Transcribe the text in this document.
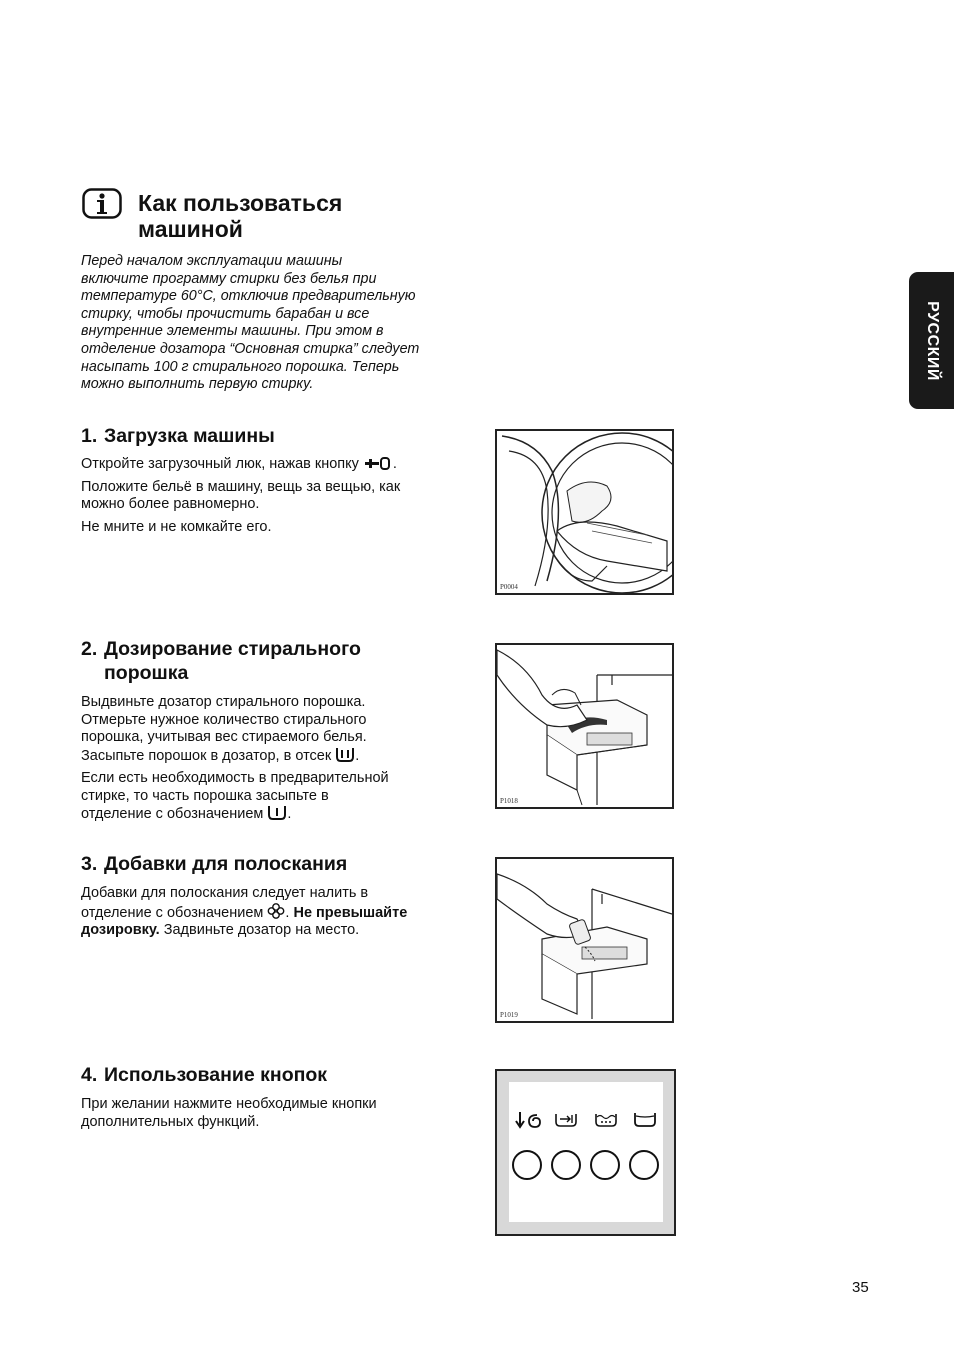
Как пользоваться
машиной
РУССКИЙ
Перед началом эксплуатации машины
включите программу стирки без белья при
температуре 60°С, отключив предварительную
стирку, чтобы прочистить барабан и все
внутренние элементы машины. При этом в
отделение дозатора “Основная стирка” следует
насыпать 100 г стирального порошка. Теперь
можно выполнить первую стирку.
1. Загрузка машины

Откройте загрузочный люк, нажав кнопку .

Положите бельё в машину, вещь за вещью, как
можно более равномерно.

Не мните и не комкайте его.

P0004
2. Дозирование стирального
порошка

Выдвиньте дозатор стирального порошка.
Отмерьте нужное количество стирального
порошка, учитывая вес стираемого белья.
Засыпьте порошок в дозатор, в отсек .

Если есть необходимость в предварительной
стирке, то часть порошка засыпьте в
отделение с обозначением .

P1018
3. Добавки для полоскания

Добавки для полоскания следует налить в
отделение с обозначением . Не превышайте
дозировку. Задвиньте дозатор на место.

P1019
4. Использование кнопок

При желании нажмите необходимые кнопки
дополнительных функций.

35
